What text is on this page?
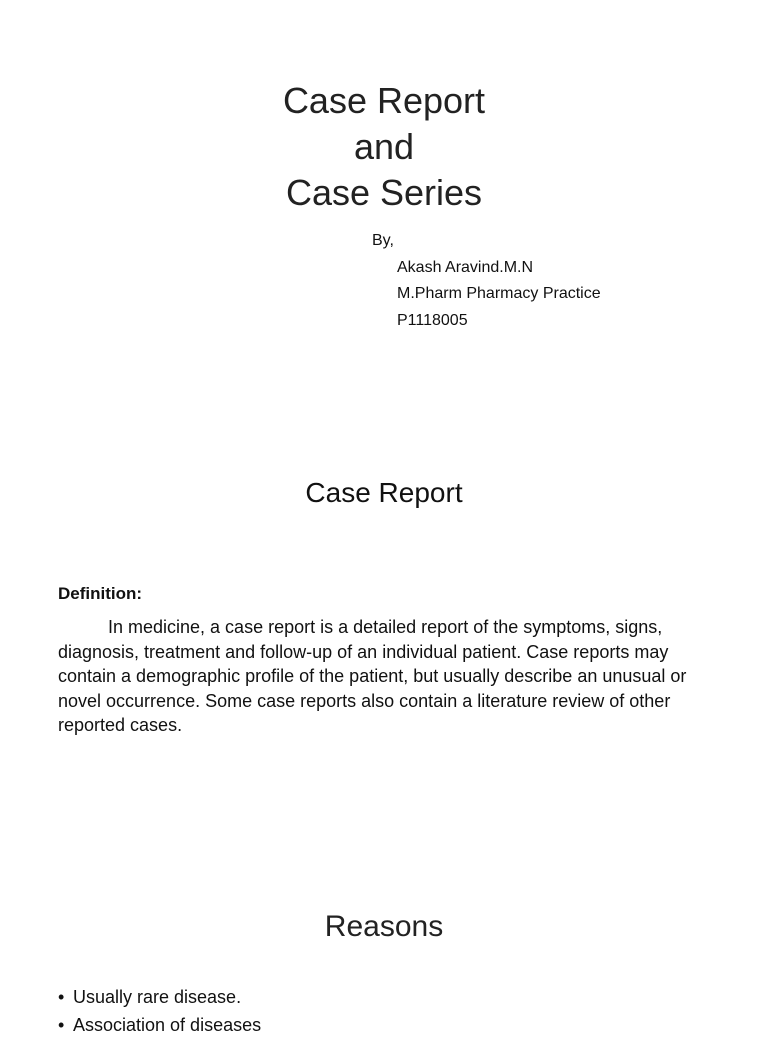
Case Report
and
Case Series
By,
Akash Aravind.M.N
M.Pharm Pharmacy Practice
P1118005
Case Report
Definition:
In medicine, a case report is a detailed report of the symptoms, signs, diagnosis, treatment and follow-up of an individual patient. Case reports may contain a demographic profile of the patient, but usually describe an unusual or novel occurrence. Some case reports also contain a literature review of other reported cases.
Reasons
• Usually rare disease.
• Association of diseases
